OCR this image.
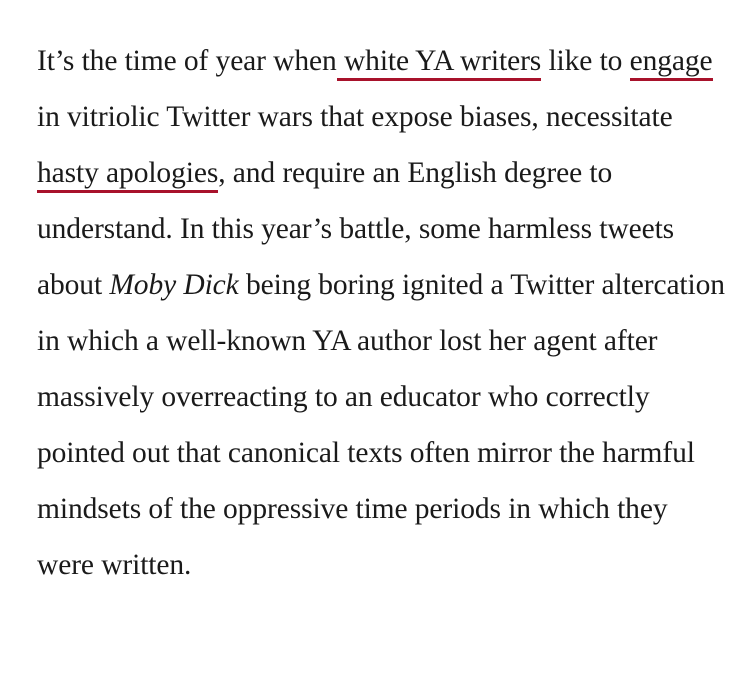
It’s the time of year when white YA writers like to engage in vitriolic Twitter wars that expose biases, necessitate hasty apologies, and require an English degree to understand. In this year’s battle, some harmless tweets about Moby Dick being boring ignited a Twitter altercation in which a well-known YA author lost her agent after massively overreacting to an educator who correctly pointed out that canonical texts often mirror the harmful mindsets of the oppressive time periods in which they were written.
